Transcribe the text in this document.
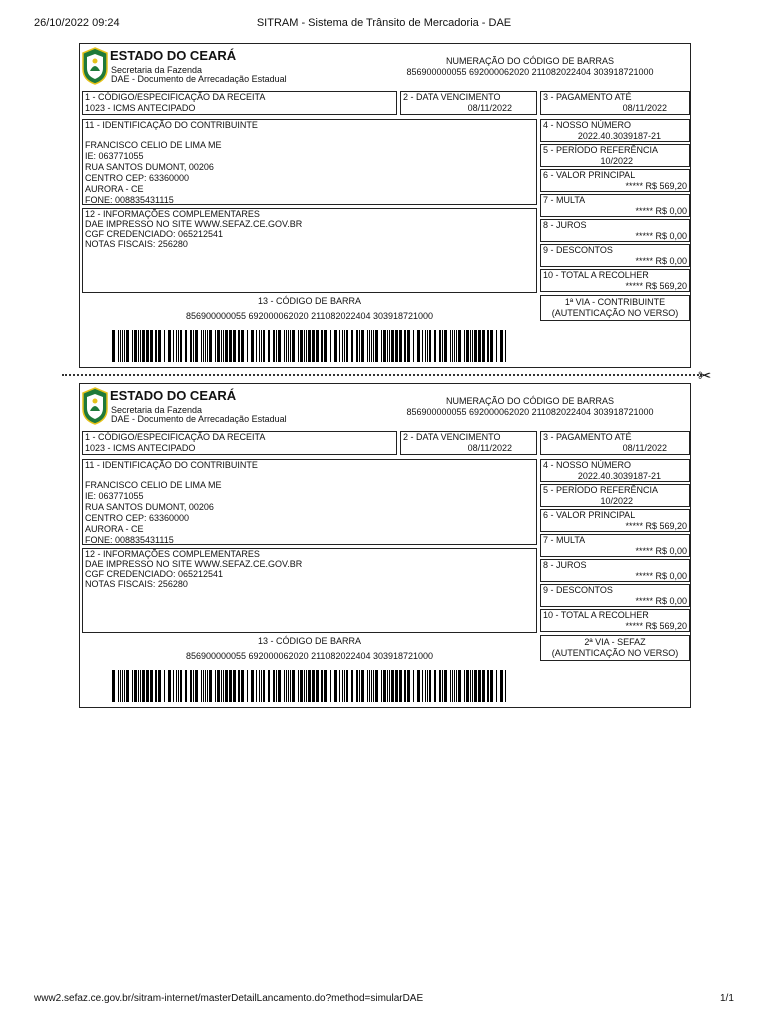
26/10/2022 09:24	SITRAM - Sistema de Trânsito de Mercadoria - DAE
ESTADO DO CEARÁ
Secretaria da Fazenda
DAE - Documento de Arrecadação Estadual
NUMERAÇÃO DO CÓDIGO DE BARRAS
856900000055 692000062020 211082022404 303918721000
1 - CÓDIGO/ESPECIFICAÇÃO DA RECEITA
1023 - ICMS ANTECIPADO
2 - DATA VENCIMENTO
08/11/2022
3 - PAGAMENTO ATÉ
08/11/2022
11 - IDENTIFICAÇÃO DO CONTRIBUINTE
FRANCISCO CELIO DE LIMA ME
IE: 063771055
RUA SANTOS DUMONT, 00206
CENTRO CEP: 63360000
AURORA - CE
FONE: 008835431115
12 - INFORMAÇÕES COMPLEMENTARES
DAE IMPRESSO NO SITE WWW.SEFAZ.CE.GOV.BR
CGF CREDENCIADO: 065212541
NOTAS FISCAIS: 256280
4 - NOSSO NÚMERO
2022.40.3039187-21
5 - PERÍODO REFERÊNCIA
10/2022
6 - VALOR PRINCIPAL
***** R$ 569,20
7 - MULTA
***** R$ 0,00
8 - JUROS
***** R$ 0,00
9 - DESCONTOS
***** R$ 0,00
10 - TOTAL A RECOLHER
***** R$ 569,20
13 - CÓDIGO DE BARRA
856900000055 692000062020 211082022404 303918721000
1ª VIA - CONTRIBUINTE
(AUTENTICAÇÃO NO VERSO)
ESTADO DO CEARÁ
Secretaria da Fazenda
DAE - Documento de Arrecadação Estadual
NUMERAÇÃO DO CÓDIGO DE BARRAS
856900000055 692000062020 211082022404 303918721000
1 - CÓDIGO/ESPECIFICAÇÃO DA RECEITA
1023 - ICMS ANTECIPADO
2 - DATA VENCIMENTO
08/11/2022
3 - PAGAMENTO ATÉ
08/11/2022
11 - IDENTIFICAÇÃO DO CONTRIBUINTE
FRANCISCO CELIO DE LIMA ME
IE: 063771055
RUA SANTOS DUMONT, 00206
CENTRO CEP: 63360000
AURORA - CE
FONE: 008835431115
12 - INFORMAÇÕES COMPLEMENTARES
DAE IMPRESSO NO SITE WWW.SEFAZ.CE.GOV.BR
CGF CREDENCIADO: 065212541
NOTAS FISCAIS: 256280
4 - NOSSO NÚMERO
2022.40.3039187-21
5 - PERÍODO REFERÊNCIA
10/2022
6 - VALOR PRINCIPAL
***** R$ 569,20
7 - MULTA
***** R$ 0,00
8 - JUROS
***** R$ 0,00
9 - DESCONTOS
***** R$ 0,00
10 - TOTAL A RECOLHER
***** R$ 569,20
13 - CÓDIGO DE BARRA
856900000055 692000062020 211082022404 303918721000
2ª VIA - SEFAZ
(AUTENTICAÇÃO NO VERSO)
✂
www2.sefaz.ce.gov.br/sitram-internet/masterDetailLancamento.do?method=simularDAE	1/1
